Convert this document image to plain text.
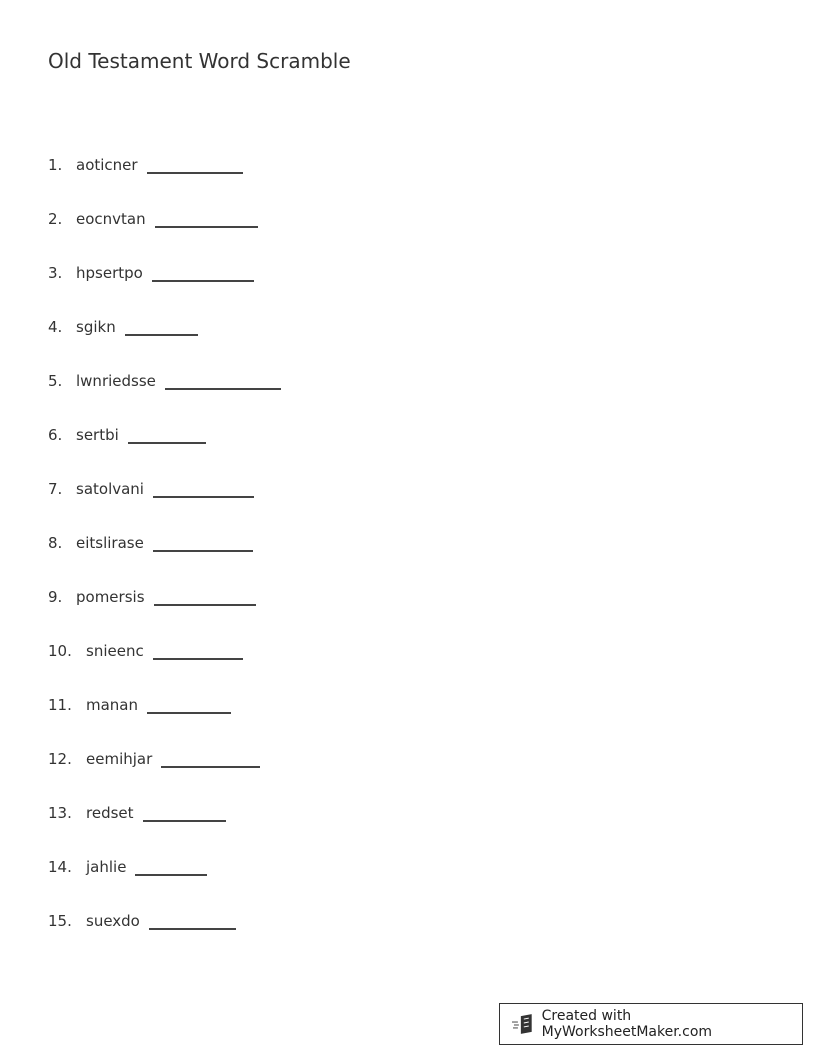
Old Testament Word Scramble
1. aoticner
2. eocnvtan
3. hpsertpo
4. sgikn
5. lwnriedsse
6. sertbi
7. satolvani
8. eitslirase
9. pomersis
10. snieenc
11. manan
12. eemihjar
13. redset
14. jahlie
15. suexdo
Created with MyWorksheetMaker.com
